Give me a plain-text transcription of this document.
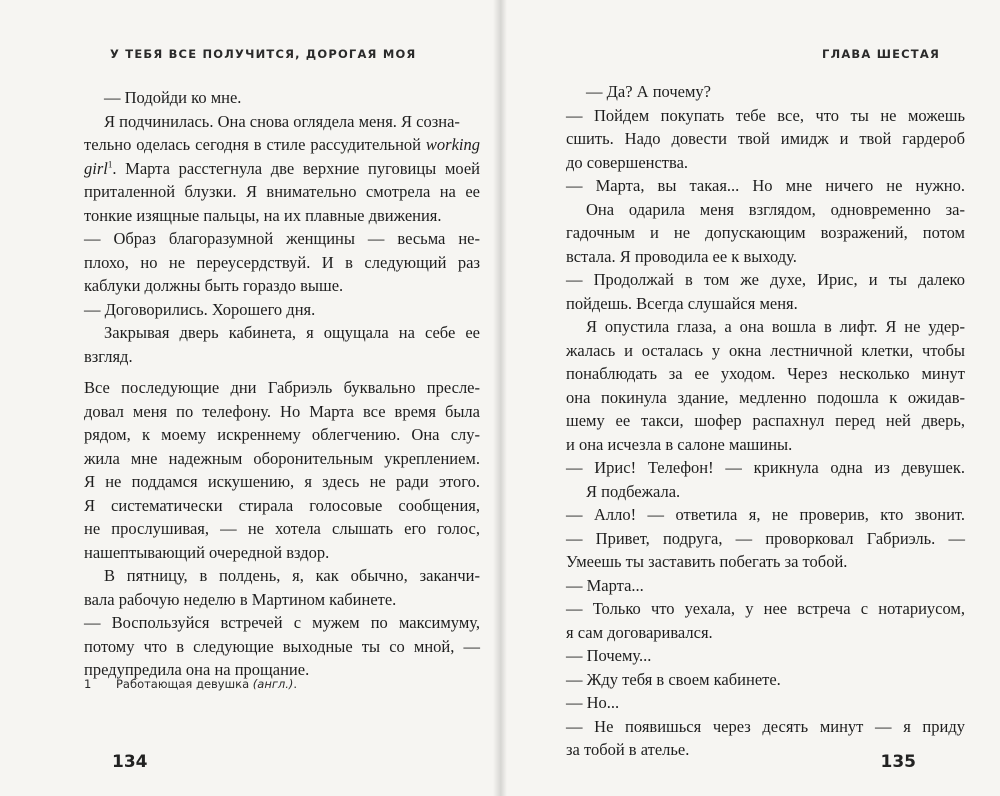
У ТЕБЯ ВСЕ ПОЛУЧИТСЯ, ДОРОГАЯ МОЯ
— Подойди ко мне.
Я подчинилась. Она снова оглядела меня. Я созна-
тельно оделась сегодня в стиле рассудительной working
girl$^1$. Марта расстегнула две верхние пуговицы моей
приталенной блузки. Я внимательно смотрела на ее
тонкие изящные пальцы, на их плавные движения.
— Образ благоразумной женщины — весьма не-
плохо, но не переусердствуй. И в следующий раз
каблуки должны быть гораздо выше.
— Договорились. Хорошего дня.
Закрывая дверь кабинета, я ощущала на себе ее
взгляд.
Все последующие дни Габриэль буквально пресле-
довал меня по телефону. Но Марта все время была
рядом, к моему искреннему облегчению. Она слу-
жила мне надежным оборонительным укреплением.
Я не поддамся искушению, я здесь не ради этого.
Я систематически стирала голосовые сообщения,
не прослушивая, — не хотела слышать его голос,
нашептывающий очередной вздор.
В пятницу, в полдень, я, как обычно, заканчи-
вала рабочую неделю в Мартином кабинете.
— Воспользуйся встречей с мужем по максимуму,
потому что в следующие выходные ты со мной, —
предупредила она на прощание.
1 Работающая девушка (англ.).
134
ГЛАВА ШЕСТАЯ
— Да? А почему?
— Пойдем покупать тебе все, что ты не можешь
сшить. Надо довести твой имидж и твой гардероб
до совершенства.
— Марта, вы такая... Но мне ничего не нужно.
Она одарила меня взглядом, одновременно за-
гадочным и не допускающим возражений, потом
встала. Я проводила ее к выходу.
— Продолжай в том же духе, Ирис, и ты далеко
пойдешь. Всегда слушайся меня.
Я опустила глаза, а она вошла в лифт. Я не удер-
жалась и осталась у окна лестничной клетки, чтобы
понаблюдать за ее уходом. Через несколько минут
она покинула здание, медленно подошла к ожидав-
шему ее такси, шофер распахнул перед ней дверь,
и она исчезла в салоне машины.
— Ирис! Телефон! — крикнула одна из девушек.
Я подбежала.
— Алло! — ответила я, не проверив, кто звонит.
— Привет, подруга, — проворковал Габриэль. —
Умеешь ты заставить побегать за тобой.
— Марта...
— Только что уехала, у нее встреча с нотариусом,
я сам договаривался.
— Почему...
— Жду тебя в своем кабинете.
— Но...
— Не появишься через десять минут — я приду
за тобой в ателье.
135
